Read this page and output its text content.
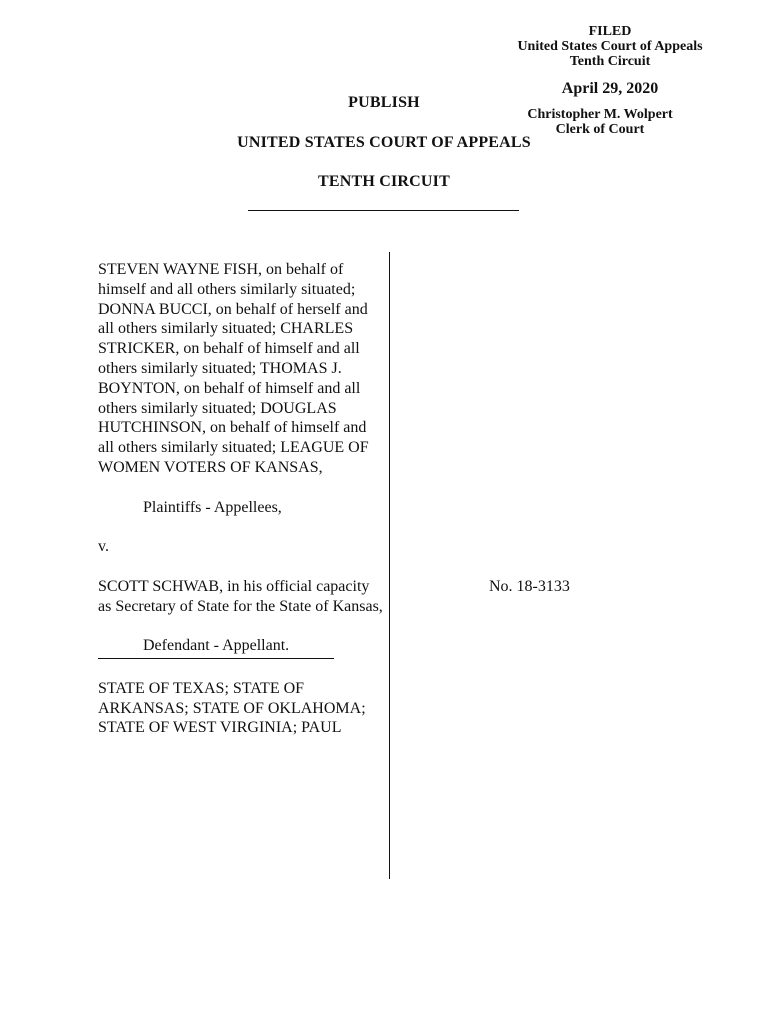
FILED
United States Court of Appeals
Tenth Circuit
April 29, 2020
Christopher M. Wolpert
Clerk of Court
PUBLISH
UNITED STATES COURT OF APPEALS
TENTH CIRCUIT

STEVEN WAYNE FISH, on behalf of himself and all others similarly situated; DONNA BUCCI, on behalf of herself and all others similarly situated; CHARLES STRICKER, on behalf of himself and all others similarly situated; THOMAS J. BOYNTON, on behalf of himself and all others similarly situated; DOUGLAS HUTCHINSON, on behalf of himself and all others similarly situated; LEAGUE OF WOMEN VOTERS OF KANSAS,

Plaintiffs - Appellees,

v.

SCOTT SCHWAB, in his official capacity as Secretary of State for the State of Kansas,

Defendant - Appellant.

STATE OF TEXAS; STATE OF ARKANSAS; STATE OF OKLAHOMA; STATE OF WEST VIRGINIA; PAUL

No. 18-3133
